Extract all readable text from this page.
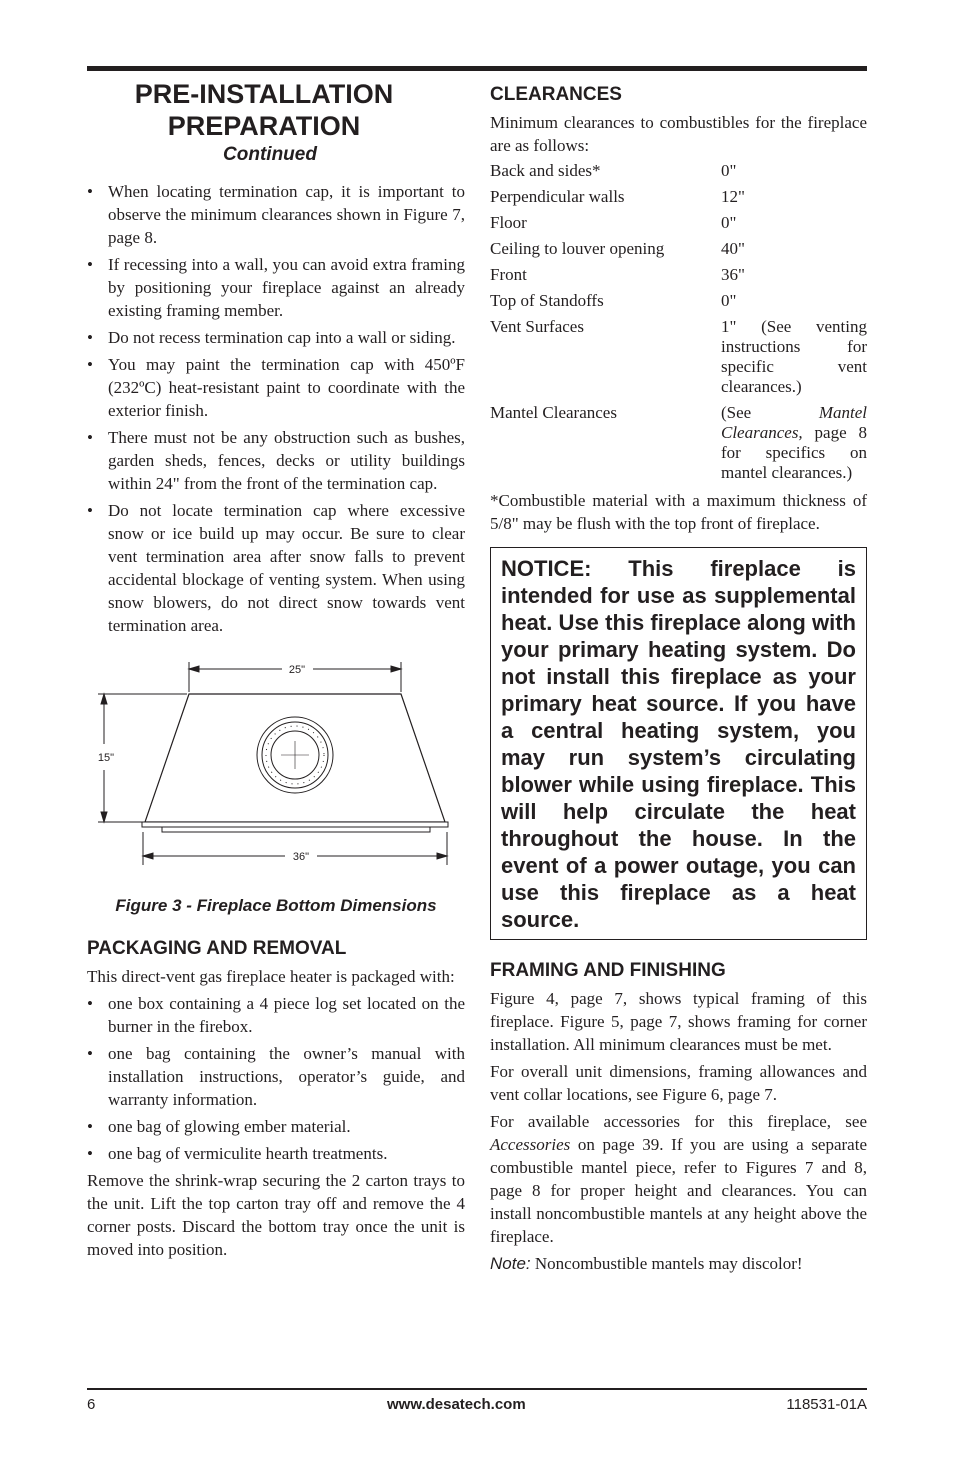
PRE-INSTALLATION
PREPARATION
Continued
• When locating termination cap, it is important to observe the minimum clearances shown in Figure 7, page 8.
• If recessing into a wall, you can avoid extra framing by positioning your fireplace against an already existing framing member.
• Do not recess termination cap into a wall or siding.
• You may paint the termination cap with 450ºF (232ºC) heat-resistant paint to coordinate with the exterior finish.
• There must not be any obstruction such as bushes, garden sheds, fences, decks or utility buildings within 24" from the front of the termination cap.
• Do not locate termination cap where excessive snow or ice build up may occur. Be sure to clear vent termination area after snow falls to prevent accidental blockage of venting system. When using snow blowers, do not direct snow towards vent termination area.
25"
15"
36"
Figure 3 - Fireplace Bottom Dimensions
PACKAGING AND REMOVAL

This direct-vent gas fireplace heater is packaged with:

• one box containing a 4 piece log set located on the burner in the firebox.
• one bag containing the owner’s manual with installation instructions, operator’s guide, and warranty information.
• one bag of glowing ember material.
• one bag of vermiculite hearth treatments.

Remove the shrink-wrap securing the 2 carton trays to the unit. Lift the top carton tray off and remove the 4 corner posts. Discard the bottom tray once the unit is moved into position.

CLEARANCES

Minimum clearances to combustibles for the fireplace are as follows:

Back and sides*	0"
Perpendicular walls	12"
Floor	0"
Ceiling to louver opening	40"
Front	36"
Top of Standoffs	0"
Vent Surfaces	1" (See venting instructions for specific vent clearances.)
Mantel Clearances	(See Mantel Clearances, page 8 for specifics on mantel clearances.)

*Combustible material with a maximum thickness of 5/8" may be flush with the top front of fireplace.

NOTICE: This fireplace is intended for use as supplemental heat. Use this fireplace along with your primary heating system. Do not install this fireplace as your primary heat source. If you have a central heating system, you may run system’s circulating blower while using fireplace. This will help circulate the heat throughout the house. In the event of a power outage, you can use this fireplace as a heat source.

FRAMING AND FINISHING

Figure 4, page 7, shows typical framing of this fireplace. Figure 5, page 7, shows framing for corner installation. All minimum clearances must be met.

For overall unit dimensions, framing allowances and vent collar locations, see Figure 6, page 7.

For available accessories for this fireplace, see Accessories on page 39. If you are using a separate combustible mantel piece, refer to Figures 7 and 8, page 8 for proper height and clearances. You can install noncombustible mantels at any height above the fireplace.

Note: Noncombustible mantels may discolor!

6	www.desatech.com	118531-01A
